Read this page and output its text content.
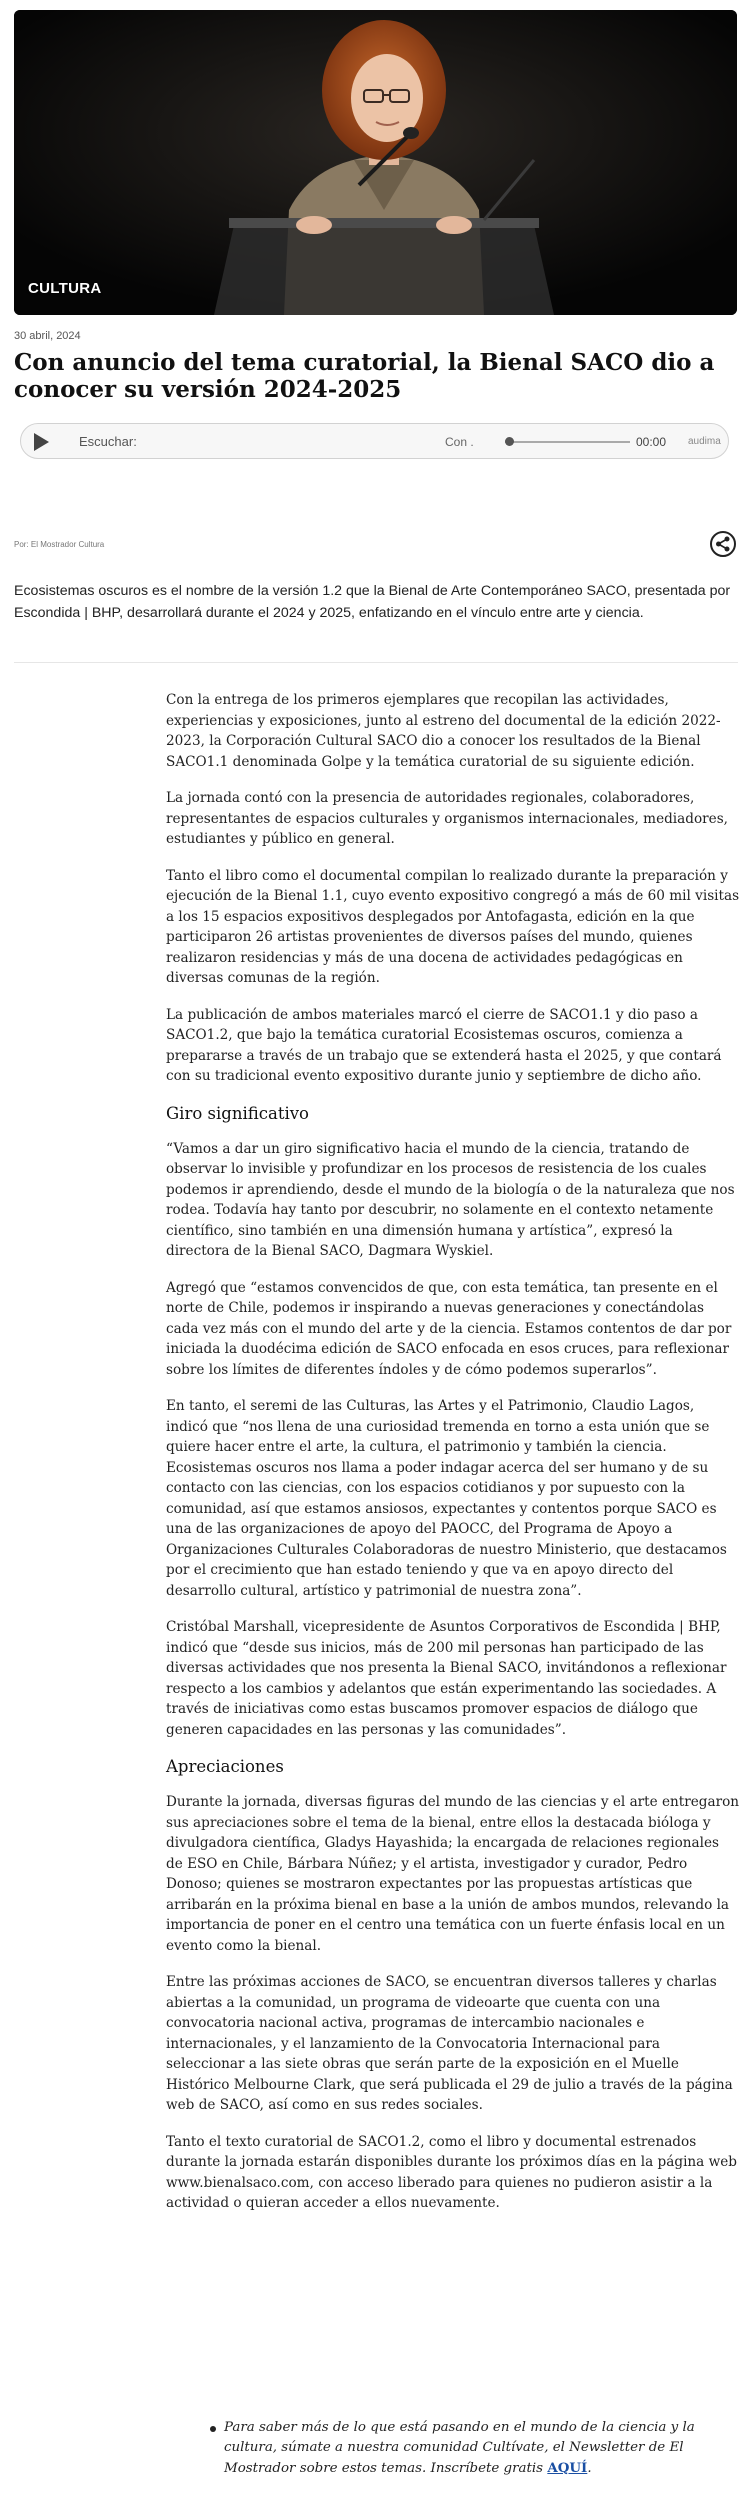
CULTURA
30 abril, 2024
Con anuncio del tema curatorial, la Bienal SACO dio a conocer su versión 2024-2025
Escuchar:	Con .	00:00 audima
Por: El Mostrador Cultura

Ecosistemas oscuros es el nombre de la versión 1.2 que la Bienal de Arte Contemporáneo SACO, presentada por Escondida | BHP, desarrollará durante el 2024 y 2025, enfatizando en el vínculo entre arte y ciencia.

Con la entrega de los primeros ejemplares que recopilan las actividades, experiencias y exposiciones, junto al estreno del documental de la edición 2022-2023, la Corporación Cultural SACO dio a conocer los resultados de la Bienal SACO1.1 denominada Golpe y la temática curatorial de su siguiente edición.

La jornada contó con la presencia de autoridades regionales, colaboradores, representantes de espacios culturales y organismos internacionales, mediadores, estudiantes y público en general.

Tanto el libro como el documental compilan lo realizado durante la preparación y ejecución de la Bienal 1.1, cuyo evento expositivo congregó a más de 60 mil visitas a los 15 espacios expositivos desplegados por Antofagasta, edición en la que participaron 26 artistas provenientes de diversos países del mundo, quienes realizaron residencias y más de una docena de actividades pedagógicas en diversas comunas de la región.

La publicación de ambos materiales marcó el cierre de SACO1.1 y dio paso a SACO1.2, que bajo la temática curatorial Ecosistemas oscuros, comienza a prepararse a través de un trabajo que se extenderá hasta el 2025, y que contará con su tradicional evento expositivo durante junio y septiembre de dicho año.

Giro significativo

“Vamos a dar un giro significativo hacia el mundo de la ciencia, tratando de observar lo invisible y profundizar en los procesos de resistencia de los cuales podemos ir aprendiendo, desde el mundo de la biología o de la naturaleza que nos rodea. Todavía hay tanto por descubrir, no solamente en el contexto netamente científico, sino también en una dimensión humana y artística”, expresó la directora de la Bienal SACO, Dagmara Wyskiel.

Agregó que “estamos convencidos de que, con esta temática, tan presente en el norte de Chile, podemos ir inspirando a nuevas generaciones y conectándolas cada vez más con el mundo del arte y de la ciencia. Estamos contentos de dar por iniciada la duodécima edición de SACO enfocada en esos cruces, para reflexionar sobre los límites de diferentes índoles y de cómo podemos superarlos”.

En tanto, el seremi de las Culturas, las Artes y el Patrimonio, Claudio Lagos, indicó que “nos llena de una curiosidad tremenda en torno a esta unión que se quiere hacer entre el arte, la cultura, el patrimonio y también la ciencia. Ecosistemas oscuros nos llama a poder indagar acerca del ser humano y de su contacto con las ciencias, con los espacios cotidianos y por supuesto con la comunidad, así que estamos ansiosos, expectantes y contentos porque SACO es una de las organizaciones de apoyo del PAOCC, del Programa de Apoyo a Organizaciones Culturales Colaboradoras de nuestro Ministerio, que destacamos por el crecimiento que han estado teniendo y que va en apoyo directo del desarrollo cultural, artístico y patrimonial de nuestra zona”.

Cristóbal Marshall, vicepresidente de Asuntos Corporativos de Escondida | BHP, indicó que “desde sus inicios, más de 200 mil personas han participado de las diversas actividades que nos presenta la Bienal SACO, invitándonos a reflexionar respecto a los cambios y adelantos que están experimentando las sociedades. A través de iniciativas como estas buscamos promover espacios de diálogo que generen capacidades en las personas y las comunidades”.

Apreciaciones

Durante la jornada, diversas figuras del mundo de las ciencias y el arte entregaron sus apreciaciones sobre el tema de la bienal, entre ellos la destacada bióloga y divulgadora científica, Gladys Hayashida; la encargada de relaciones regionales de ESO en Chile, Bárbara Núñez; y el artista, investigador y curador, Pedro Donoso; quienes se mostraron expectantes por las propuestas artísticas que arribarán en la próxima bienal en base a la unión de ambos mundos, relevando la importancia de poner en el centro una temática con un fuerte énfasis local en un evento como la bienal.

Entre las próximas acciones de SACO, se encuentran diversos talleres y charlas abiertas a la comunidad, un programa de videoarte que cuenta con una convocatoria nacional activa, programas de intercambio nacionales e internacionales, y el lanzamiento de la Convocatoria Internacional para seleccionar a las siete obras que serán parte de la exposición en el Muelle Histórico Melbourne Clark, que será publicada el 29 de julio a través de la página web de SACO, así como en sus redes sociales.

Tanto el texto curatorial de SACO1.2, como el libro y documental estrenados durante la jornada estarán disponibles durante los próximos días en la página web www.bienalsaco.com, con acceso liberado para quienes no pudieron asistir a la actividad o quieran acceder a ellos nuevamente.

Para saber más de lo que está pasando en el mundo de la ciencia y la cultura, súmate a nuestra comunidad Cultívate, el Newsletter de El Mostrador sobre estos temas. Inscríbete gratis AQUÍ.
